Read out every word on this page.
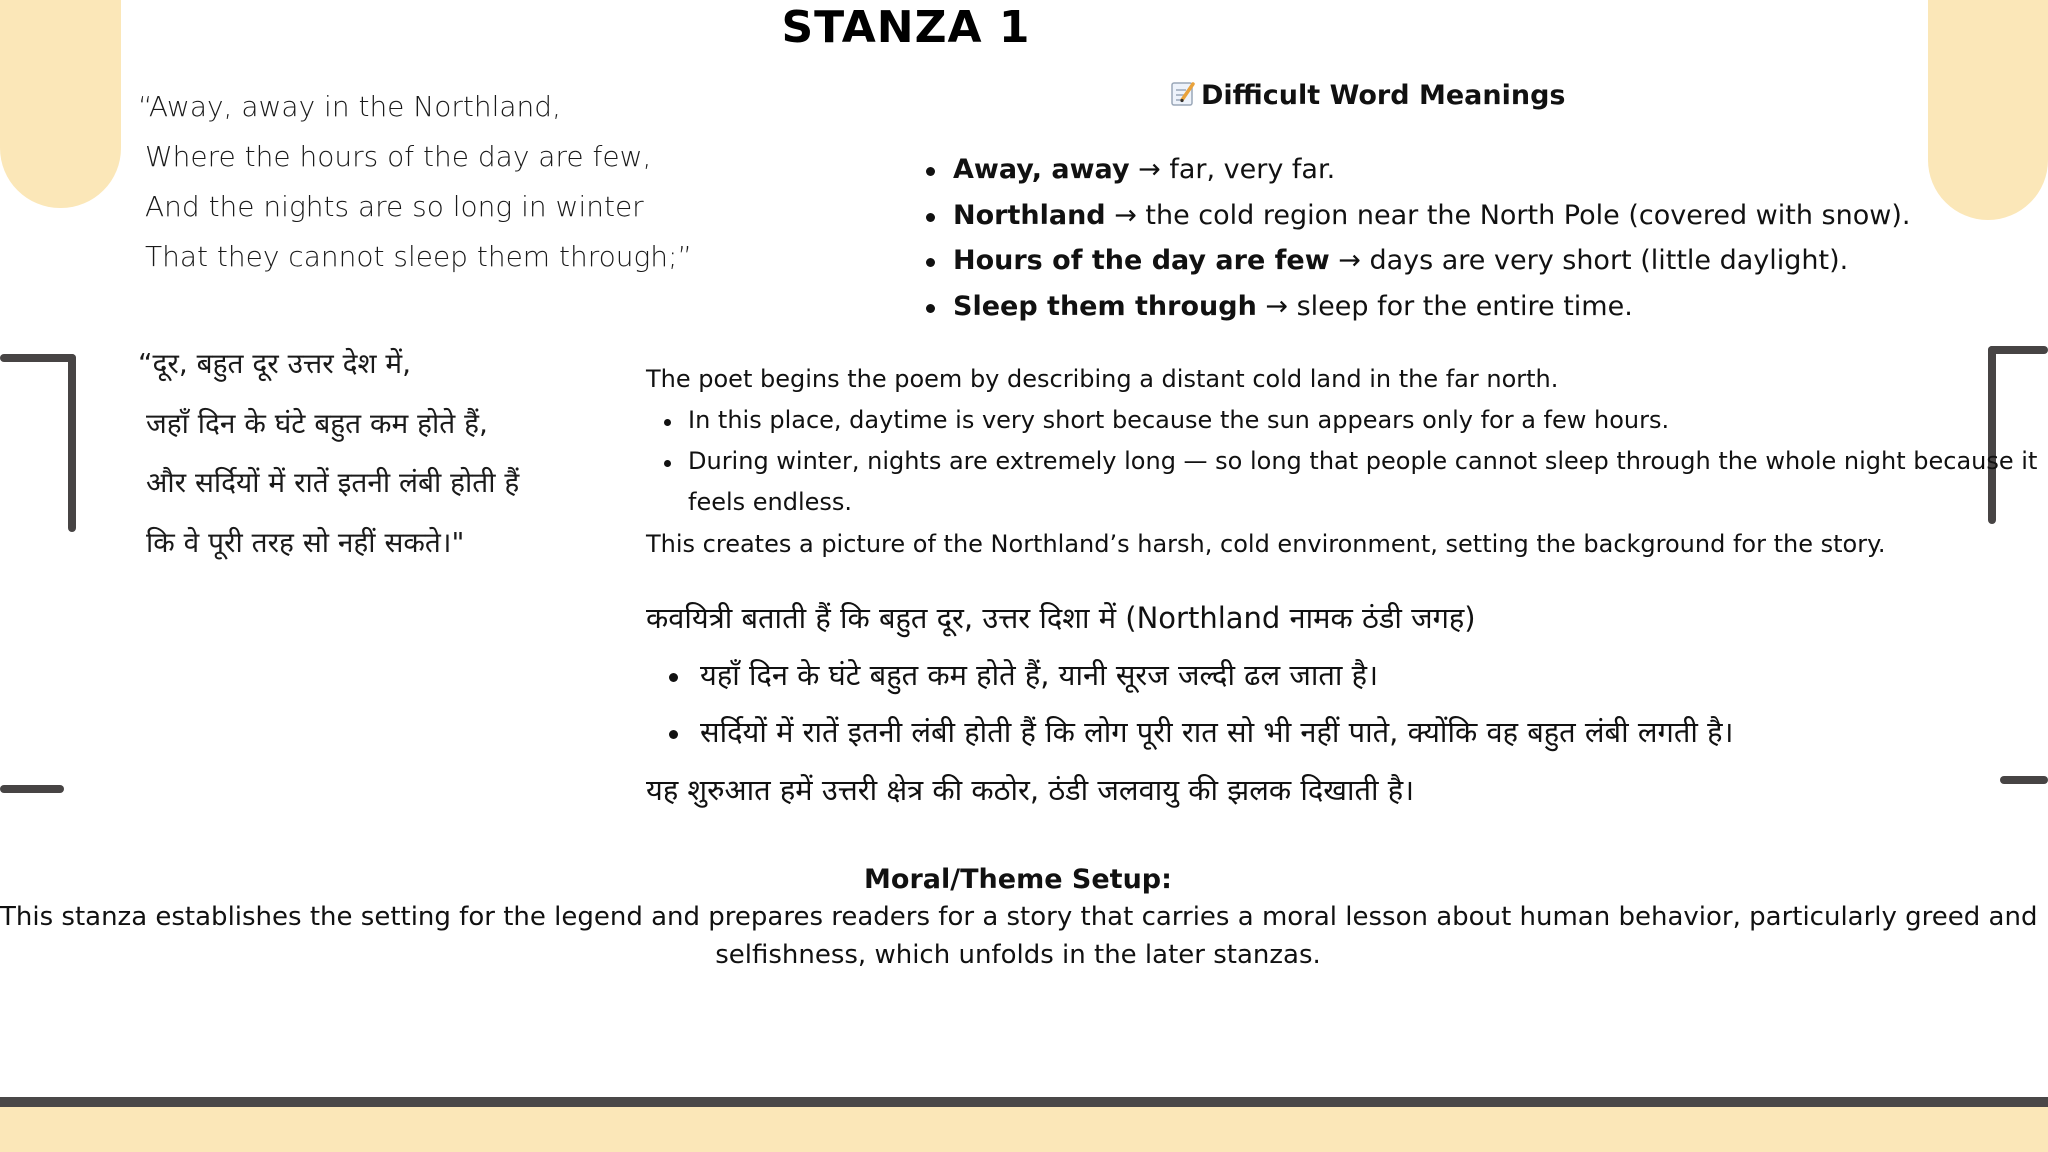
STANZA 1
“Away, away in the Northland,
Where the hours of the day are few,
And the nights are so long in winter
That they cannot sleep them through;”
“दूर, बहुत दूर उत्तर देश में,
जहाँ दिन के घंटे बहुत कम होते हैं,
और सर्दियों में रातें इतनी लंबी होती हैं
कि वे पूरी तरह सो नहीं सकते।"
Difficult Word Meanings
Away, away → far, very far.
Northland → the cold region near the North Pole (covered with snow).
Hours of the day are few → days are very short (little daylight).
Sleep them through → sleep for the entire time.
The poet begins the poem by describing a distant cold land in the far north.
In this place, daytime is very short because the sun appears only for a few hours.
During winter, nights are extremely long — so long that people cannot sleep through the whole night because it
feels endless.
This creates a picture of the Northland’s harsh, cold environment, setting the background for the story.
कवयित्री बताती हैं कि बहुत दूर, उत्तर दिशा में (Northland नामक ठंडी जगह)
यहाँ दिन के घंटे बहुत कम होते हैं, यानी सूरज जल्दी ढल जाता है।
सर्दियों में रातें इतनी लंबी होती हैं कि लोग पूरी रात सो भी नहीं पाते, क्योंकि वह बहुत लंबी लगती है।
यह शुरुआत हमें उत्तरी क्षेत्र की कठोर, ठंडी जलवायु की झलक दिखाती है।
Moral/Theme Setup:
This stanza establishes the setting for the legend and prepares readers for a story that carries a moral lesson about human behavior, particularly greed and
selfishness, which unfolds in the later stanzas.
